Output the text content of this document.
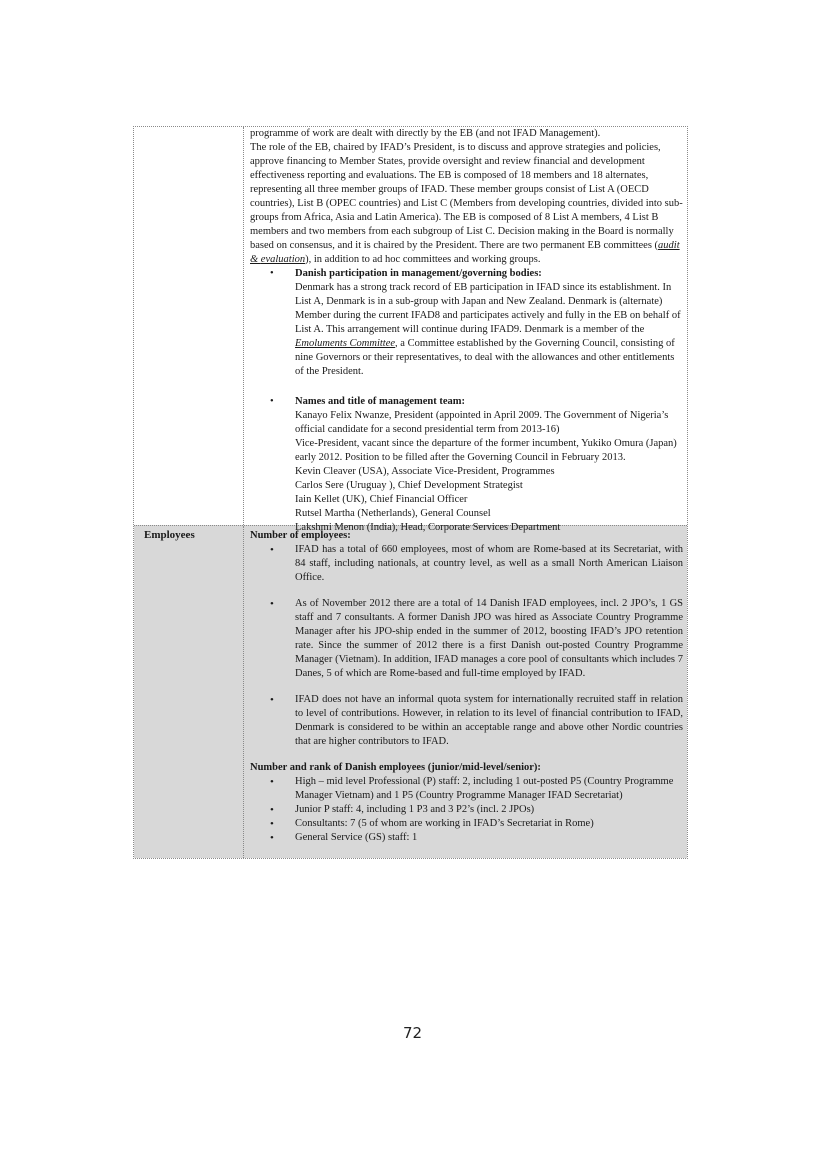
programme of work are dealt with directly by the EB (and not IFAD Management).

The role of the EB, chaired by IFAD’s President, is to discuss and approve strategies and policies, approve financing to Member States, provide oversight and review financial and development effectiveness reporting and evaluations. The EB is composed of 18 members and 18 alternates, representing all three member groups of IFAD. These member groups consist of List A (OECD countries), List B (OPEC countries) and List C (Members from developing countries, divided into sub-groups from Africa, Asia and Latin America). The EB is composed of 8 List A members, 4 List B members and two members from each subgroup of List C. Decision making in the Board is normally based on consensus, and it is chaired by the President. There are two permanent EB committees (audit & evaluation), in addition to ad hoc committees and working groups.

• Danish participation in management/governing bodies:

Denmark has a strong track record of EB participation in IFAD since its establishment. In List A, Denmark is in a sub-group with Japan and New Zealand. Denmark is (alternate) Member during the current IFAD8 and participates actively and fully in the EB on behalf of List A. This arrangement will continue during IFAD9. Denmark is a member of the Emoluments Committee, a Committee established by the Governing Council, consisting of nine Governors or their representatives, to deal with the allowances and other entitlements of the President.

• Names and title of management team:

Kanayo Felix Nwanze, President (appointed in April 2009. The Government of Nigeria’s official candidate for a second presidential term from 2013-16)

Vice-President, vacant since the departure of the former incumbent, Yukiko Omura (Japan) early 2012. Position to be filled after the Governing Council in February 2013.

Kevin Cleaver (USA), Associate Vice-President, Programmes

Carlos Sere (Uruguay ), Chief Development Strategist

Iain Kellet (UK), Chief Financial Officer

Rutsel Martha (Netherlands), General Counsel

Lakshmi Menon (India), Head, Corporate Services Department

Employees	Number of employees:

• IFAD has a total of 660 employees, most of whom are Rome-based at its Secretariat, with 84 staff, including nationals, at country level, as well as a small North American Liaison Office.

• As of November 2012 there are a total of 14 Danish IFAD employees, incl. 2 JPO’s, 1 GS staff and 7 consultants. A former Danish JPO was hired as Associate Country Programme Manager after his JPO-ship ended in the summer of 2012, boosting IFAD’s JPO retention rate. Since the summer of 2012 there is a first Danish out-posted Country Programme Manager (Vietnam). In addition, IFAD manages a core pool of consultants which includes 7 Danes, 5 of which are Rome-based and full-time employed by IFAD.

• IFAD does not have an informal quota system for internationally recruited staff in relation to level of contributions. However, in relation to its level of financial contribution to IFAD, Denmark is considered to be within an acceptable range and above other Nordic countries that are higher contributors to IFAD.

Number and rank of Danish employees (junior/mid-level/senior):

• High – mid level Professional (P) staff: 2, including 1 out-posted P5 (Country Programme Manager Vietnam) and 1 P5 (Country Programme Manager IFAD Secretariat)

• Junior P staff: 4, including 1 P3 and 3 P2’s (incl. 2 JPOs)

• Consultants: 7 (5 of whom are working in IFAD’s Secretariat in Rome)

• General Service (GS) staff: 1

72
